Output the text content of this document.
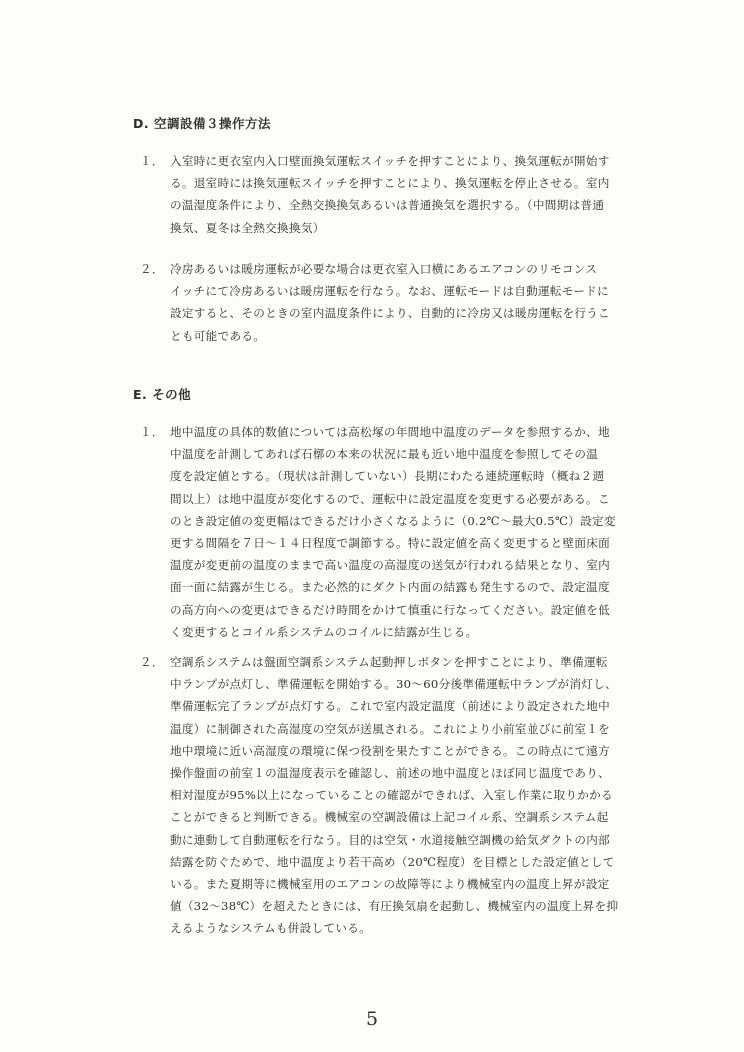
D. 空調設備３操作方法
１． 入室時に更衣室内入口壁面換気運転スイッチを押すことにより、換気運転が開始す
る。退室時には換気運転スイッチを押すことにより、換気運転を停止させる。室内
の温湿度条件により、全熱交換換気あるいは普通換気を選択する。（中間期は普通
換気、夏冬は全熱交換換気）
２． 冷房あるいは暖房運転が必要な場合は更衣室入口横にあるエアコンのリモコンス
イッチにて冷房あるいは暖房運転を行なう。なお、運転モードは自動運転モードに
設定すると、そのときの室内温度条件により、自動的に冷房又は暖房運転を行うこ
とも可能である。
E. その他
１． 地中温度の具体的数値については高松塚の年間地中温度のデータを参照するか、地
中温度を計測してあれば石槨の本来の状況に最も近い地中温度を参照してその温
度を設定値とする。（現状は計測していない）長期にわたる連続運転時（概ね２週
間以上）は地中温度が変化するので、運転中に設定温度を変更する必要がある。こ
のとき設定値の変更幅はできるだけ小さくなるように（0.2℃〜最大0.5℃）設定変
更する間隔を７日〜１４日程度で調節する。特に設定値を高く変更すると壁面床面
温度が変更前の温度のままで高い温度の高湿度の送気が行われる結果となり、室内
面一面に結露が生じる。また必然的にダクト内面の結露も発生するので、設定温度
の高方向への変更はできるだけ時間をかけて慎重に行なってください。設定値を低
く変更するとコイル系システムのコイルに結露が生じる。
２． 空調系システムは盤面空調系システム起動押しボタンを押すことにより、準備運転
中ランプが点灯し、準備運転を開始する。30〜60分後準備運転中ランプが消灯し、
準備運転完了ランプが点灯する。これで室内設定温度（前述により設定された地中
温度）に制御された高湿度の空気が送風される。これにより小前室並びに前室１を
地中環境に近い高湿度の環境に保つ役割を果たすことができる。この時点にて遠方
操作盤面の前室１の温湿度表示を確認し、前述の地中温度とほぼ同じ温度であり、
相対湿度が95%以上になっていることの確認ができれば、入室し作業に取りかかる
ことができると判断できる。機械室の空調設備は上記コイル系、空調系システム起
動に連動して自動運転を行なう。目的は空気・水道接触空調機の給気ダクトの内部
結露を防ぐためで、地中温度より若干高め（20℃程度）を目標とした設定値として
いる。また夏期等に機械室用のエアコンの故障等により機械室内の温度上昇が設定
値（32〜38℃）を超えたときには、有圧換気扇を起動し、機械室内の温度上昇を抑
えるようなシステムも併設している。
5
